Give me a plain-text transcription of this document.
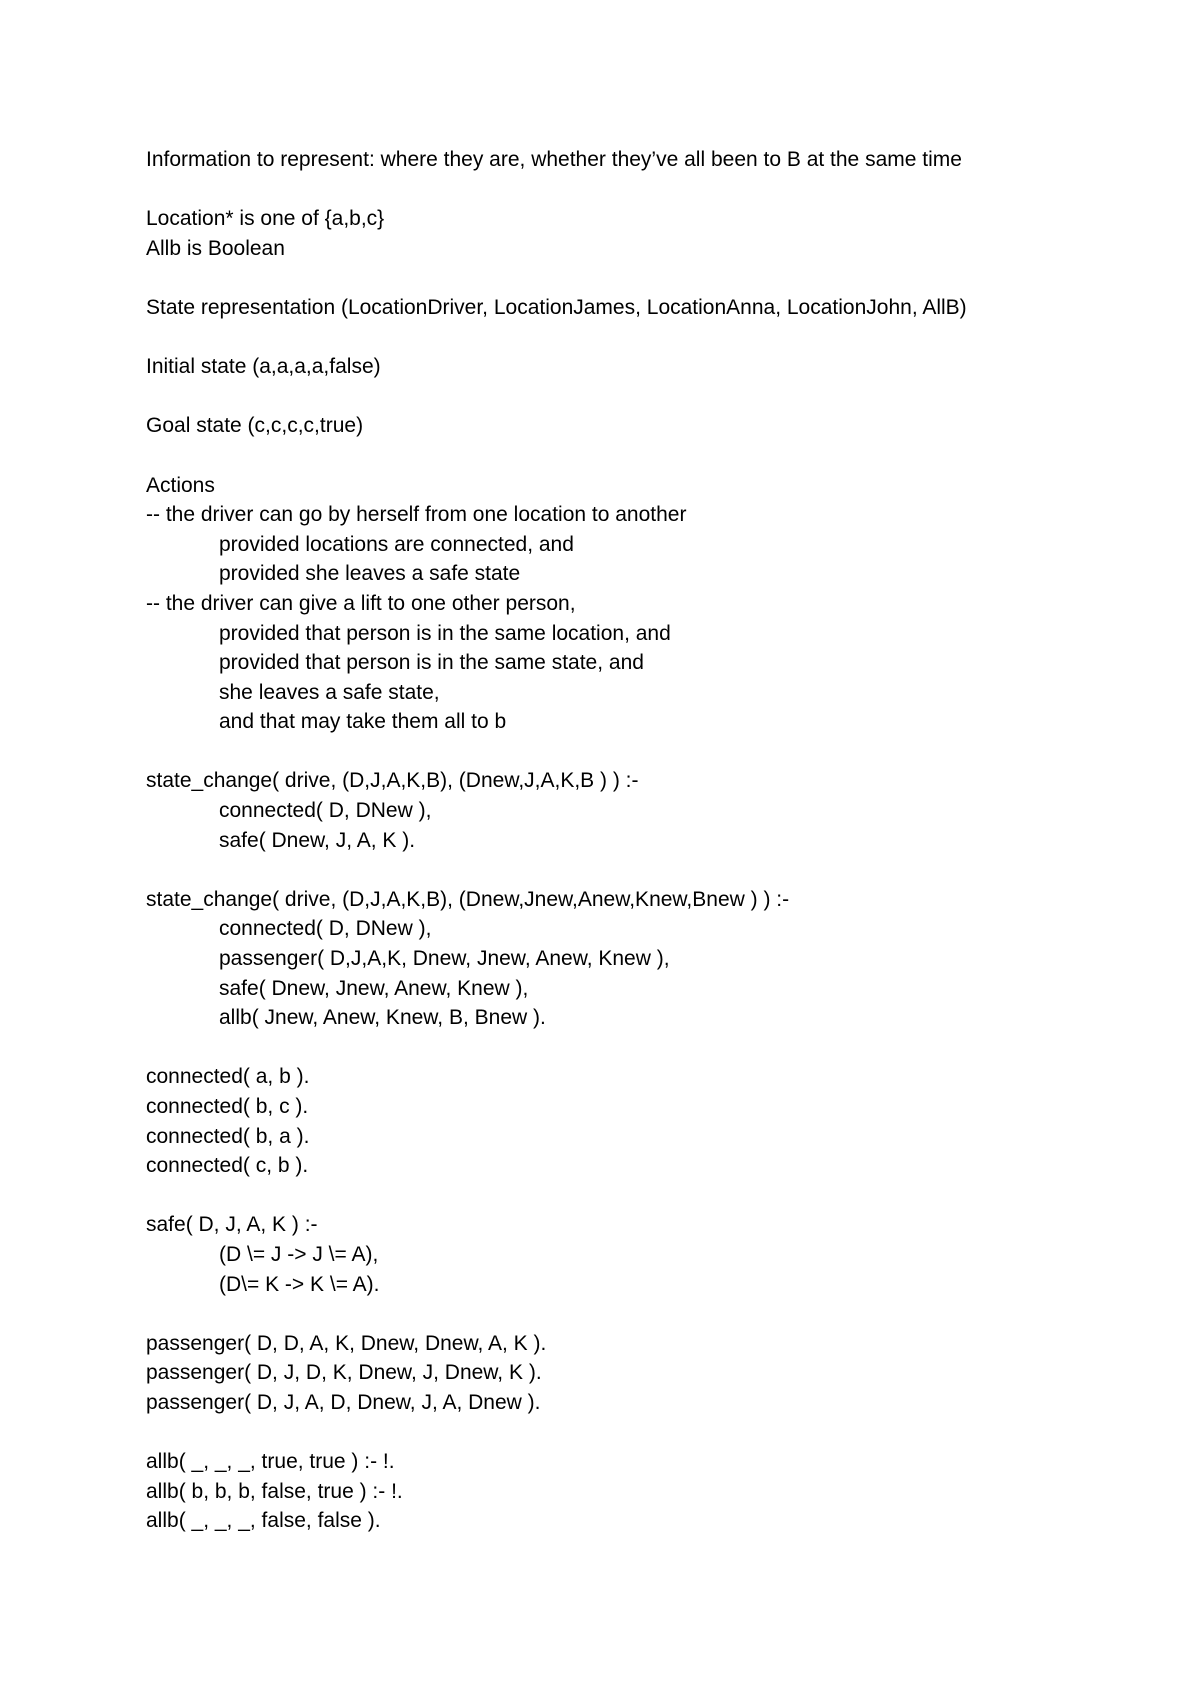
Information to represent: where they are, whether they’ve all been to B at the same time
Location* is one of {a,b,c}
Allb is Boolean
State representation (LocationDriver, LocationJames, LocationAnna, LocationJohn, AllB)
Initial state (a,a,a,a,false)
Goal state (c,c,c,c,true)
Actions
-- the driver can go by herself from one location to another
provided locations are connected, and
provided she leaves a safe state
-- the driver can give a lift to one other person,
provided that person is in the same location, and
provided that person is in the same state, and
she leaves a safe state,
and that may take them all to b
state_change( drive, (D,J,A,K,B), (Dnew,J,A,K,B ) ) :-
connected( D, DNew ),
safe( Dnew, J, A, K ).
state_change( drive, (D,J,A,K,B), (Dnew,Jnew,Anew,Knew,Bnew ) ) :-
connected( D, DNew ),
passenger( D,J,A,K, Dnew, Jnew, Anew, Knew ),
safe( Dnew, Jnew, Anew, Knew ),
allb( Jnew, Anew, Knew, B, Bnew ).
connected( a, b ).
connected( b, c ).
connected( b, a ).
connected( c, b ).
safe( D, J, A, K ) :-
(D \= J -> J \= A),
(D\= K -> K \= A).
passenger( D, D, A, K, Dnew, Dnew, A, K ).
passenger( D, J, D, K, Dnew, J, Dnew, K ).
passenger( D, J, A, D, Dnew, J, A, Dnew ).
allb( _, _, _, true, true ) :- !.
allb( b, b, b, false, true ) :- !.
allb( _, _, _, false, false ).
